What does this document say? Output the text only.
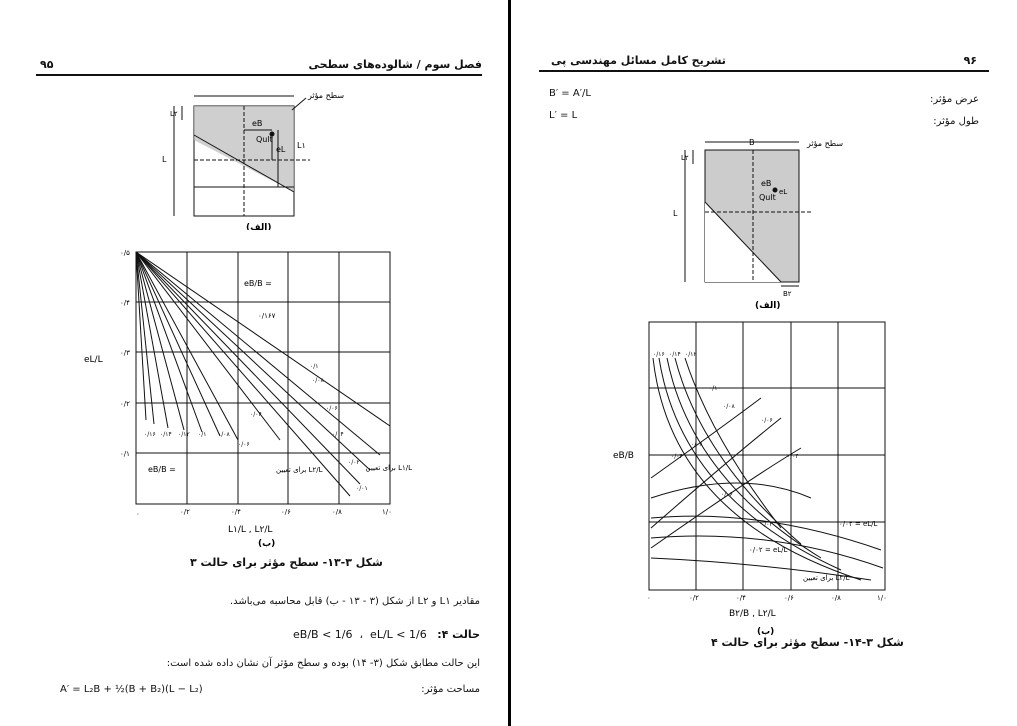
۹۵	فصل سوم / شالوده‌های سطحی
eB
Qult
eL L۱
L
L۲
سطح مؤثر
(الف)
۰/۵
۰/۴
۰/۳
۰/۲
۰/۱
۰	۰/۲	۰/۴	۰/۶	۰/۸	۱/۰
eL/L
L۱/L , L۲/L
eB/B =
eB/B =
۰/۱۶۷
۰/۱۶ ۰/۱۴ ۰/۱۲ ۰/۱ ۰/۰۸
۰/۰۶
۰/۰۴
۰/۱
۰/۰۸
۰/۰۶
۰/۰۴
۰/۰۲
۰/۰۱
برای تعیین L۲/L	برای تعیین L۱/L
(ب)
شکل ۳-۱۳- سطح مؤثر برای حالت ۳
مقادیر L۱ و L۲ از شکل (۳ - ۱۳ - ب) قابل محاسبه می‌باشد.
حالت ۴:   eB/B < 1/6  ،  eL/L < 1/6
این حالت مطابق شکل (۳- ۱۴) بوده و سطح مؤثر آن نشان داده شده است:
مساحت مؤثر:
A′ = L₂B + ½(B + B₂)(L − L₂)
۹۶
تشریح کامل مسائل مهندسی پی
عرض مؤثر:
طول مؤثر:
B′ = A′/L
L′ = L
B	سطح مؤثر
eB
Qult
eL
L
L۲
B۲
(الف)
eB/B
۰	۰/۲	۰/۴	۰/۶	۰/۸	۱/۰
B۲/B , L۲/L
۰/۱۶ ۰/۱۴ ۰/۱۲
۰/۱۰
۰/۰۸
۰/۰۶
۰/۰۴
۰/۰۲ = eL/L
۰/۰۲ = eL/L
۰/۰۲
۰/۰۴
۰/۰۶
۰/۰۸
برای تعیین L۲/L
(ب)
شکل ۳-۱۴- سطح مؤثر برای حالت ۴
